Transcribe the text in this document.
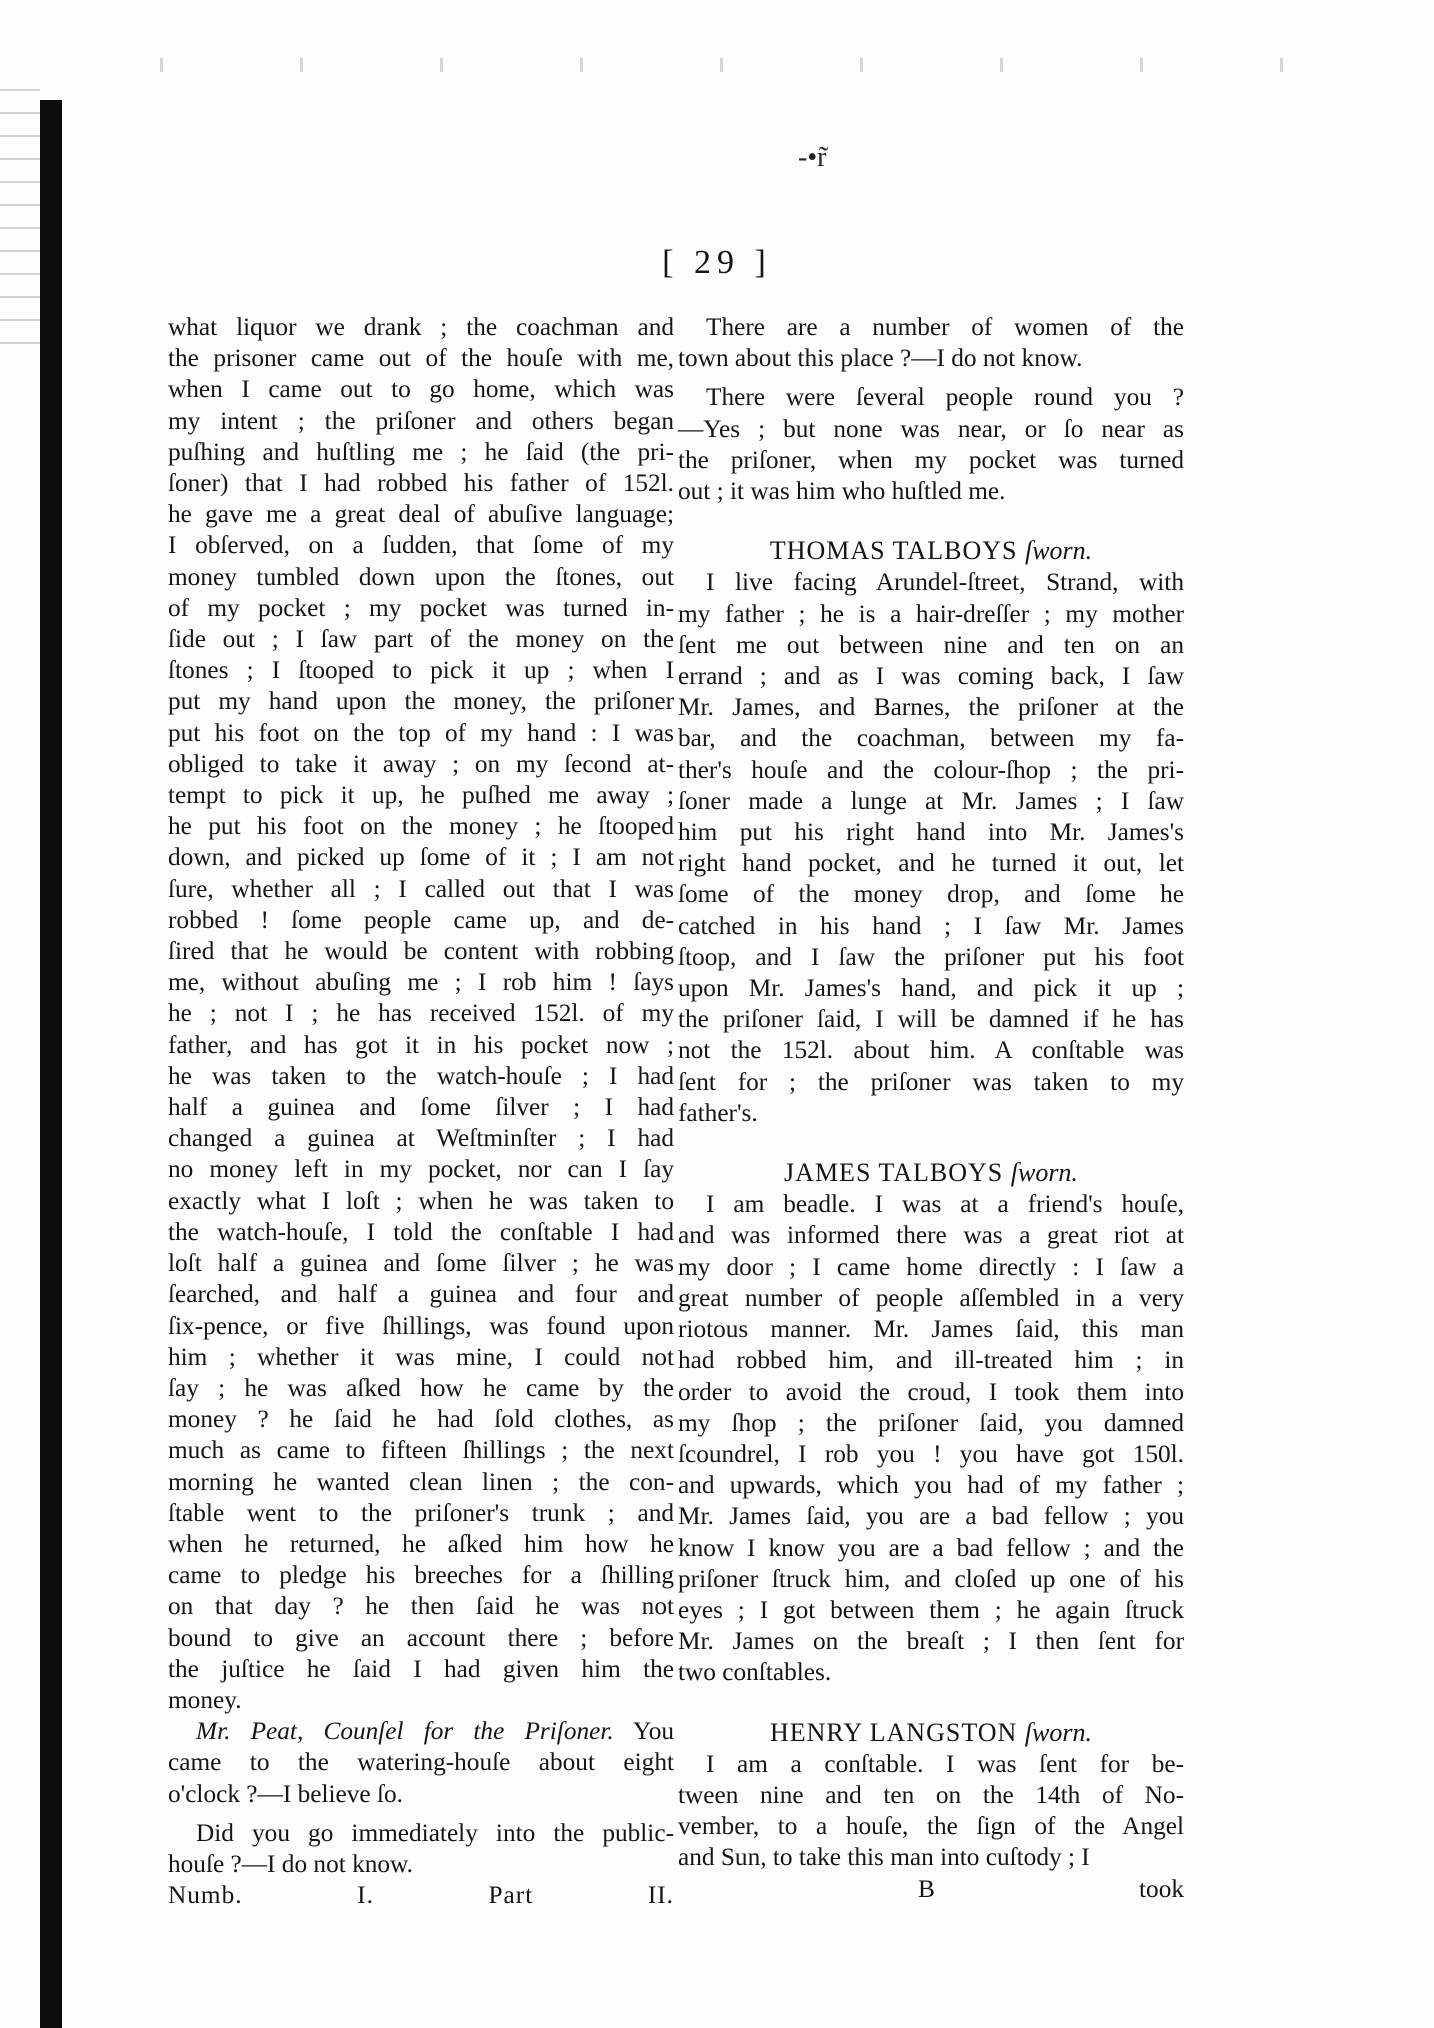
-•r̃
[ 29 ]
what liquor we drank ; the coachman and
the prisoner came out of the houſe with me,
when I came out to go home, which was
my intent ; the priſoner and others began
puſhing and huſtling me ; he ſaid (the pri-
ſoner) that I had robbed his father of 152l.
he gave me a great deal of abuſive language;
I obſerved, on a ſudden, that ſome of my
money tumbled down upon the ſtones, out
of my pocket ; my pocket was turned in-
ſide out ; I ſaw part of the money on the
ſtones ; I ſtooped to pick it up ; when I
put my hand upon the money, the priſoner
put his foot on the top of my hand : I was
obliged to take it away ; on my ſecond at-
tempt to pick it up, he puſhed me away ;
he put his foot on the money ; he ſtooped
down, and picked up ſome of it ; I am not
ſure, whether all ; I called out that I was
robbed ! ſome people came up, and de-
ſired that he would be content with robbing
me, without abuſing me ; I rob him ! ſays
he ; not I ; he has received 152l. of my
father, and has got it in his pocket now ;
he was taken to the watch-houſe ; I had
half a guinea and ſome ſilver ; I had
changed a guinea at Weſtminſter ; I had
no money left in my pocket, nor can I ſay
exactly what I loſt ; when he was taken to
the watch-houſe, I told the conſtable I had
loſt half a guinea and ſome ſilver ; he was
ſearched, and half a guinea and four and
ſix-pence, or five ſhillings, was found upon
him ; whether it was mine, I could not
ſay ; he was aſked how he came by the
money ? he ſaid he had ſold clothes, as
much as came to fifteen ſhillings ; the next
morning he wanted clean linen ; the con-
ſtable went to the priſoner's trunk ; and
when he returned, he aſked him how he
came to pledge his breeches for a ſhilling
on that day ? he then ſaid he was not
bound to give an account there ; before
the juſtice he ſaid I had given him the
money.

Mr. Peat, Counſel for the Priſoner. You

came to the watering-houſe about eight
o'clock ?—I believe ſo.
Did you go immediately into the public-
houſe ?—I do not know.
Numb. I. Part II.
There are a number of women of the
town about this place ?—I do not know.
There were ſeveral people round you ?
—Yes ; but none was near, or ſo near as
the priſoner, when my pocket was turned
out ; it was him who huſtled me.
THOMAS TALBOYS ſworn.
I live facing Arundel-ſtreet, Strand, with
my father ; he is a hair-dreſſer ; my mother
ſent me out between nine and ten on an
errand ; and as I was coming back, I ſaw
Mr. James, and Barnes, the priſoner at the
bar, and the coachman, between my fa-
ther's houſe and the colour-ſhop ; the pri-
ſoner made a lunge at Mr. James ; I ſaw
him put his right hand into Mr. James's
right hand pocket, and he turned it out, let
ſome of the money drop, and ſome he
catched in his hand ; I ſaw Mr. James
ſtoop, and I ſaw the priſoner put his foot
upon Mr. James's hand, and pick it up ;
the priſoner ſaid, I will be damned if he has
not the 152l. about him. A conſtable was
ſent for ; the priſoner was taken to my
father's.
JAMES TALBOYS ſworn.
I am beadle. I was at a friend's houſe,
and was informed there was a great riot at
my door ; I came home directly : I ſaw a
great number of people aſſembled in a very
riotous manner. Mr. James ſaid, this man
had robbed him, and ill-treated him ; in
order to avoid the croud, I took them into
my ſhop ; the priſoner ſaid, you damned
ſcoundrel, I rob you ! you have got 150l.
and upwards, which you had of my father ;
Mr. James ſaid, you are a bad fellow ; you
know I know you are a bad fellow ; and the
priſoner ſtruck him, and cloſed up one of his
eyes ; I got between them ; he again ſtruck
Mr. James on the breaſt ; I then ſent for
two conſtables.
HENRY LANGSTON ſworn.
I am a conſtable. I was ſent for be-
tween nine and ten on the 14th of No-
vember, to a houſe, the ſign of the Angel
and Sun, to take this man into cuſtody ; I
B	took
